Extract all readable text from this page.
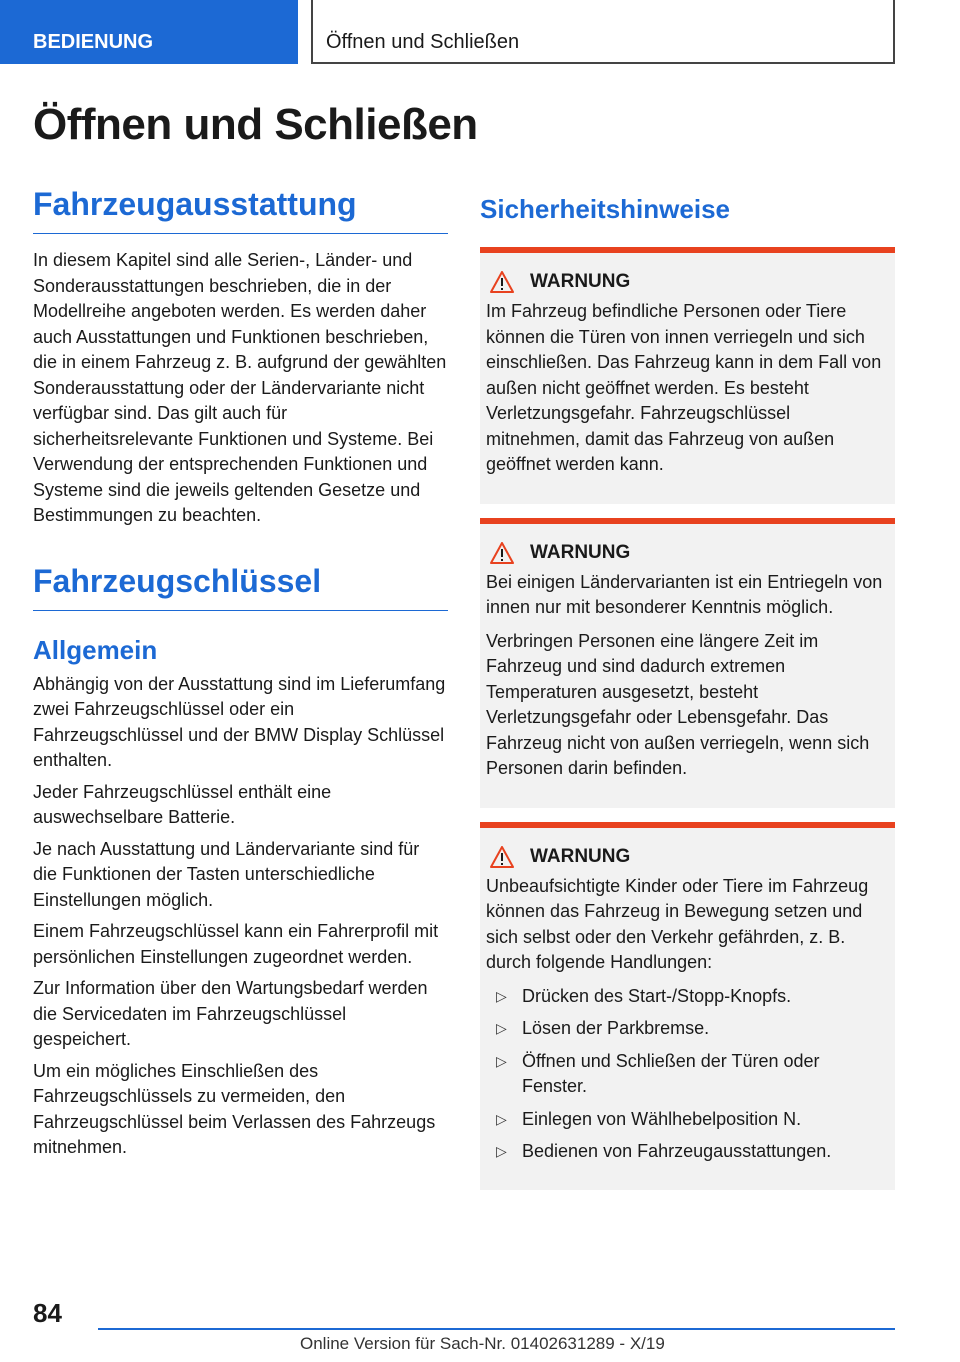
BEDIENUNG	Öffnen und Schließen
Öffnen und Schließen
Fahrzeugausstattung

In diesem Kapitel sind alle Serien-, Länder- und Sonderausstattungen beschrieben, die in der Modellreihe angeboten werden. Es werden daher auch Ausstattungen und Funktionen beschrieben, die in einem Fahrzeug z. B. aufgrund der gewählten Sonderausstattung oder der Ländervariante nicht verfügbar sind. Das gilt auch für sicherheitsrelevante Funktionen und Systeme. Bei Verwendung der entsprechenden Funktionen und Systeme sind die jeweils geltenden Gesetze und Bestimmungen zu beachten.

Fahrzeugschlüssel
Allgemein

Abhängig von der Ausstattung sind im Lieferumfang zwei Fahrzeugschlüssel oder ein Fahrzeugschlüssel und der BMW Display Schlüssel enthalten.

Jeder Fahrzeugschlüssel enthält eine auswechselbare Batterie.

Je nach Ausstattung und Ländervariante sind für die Funktionen der Tasten unterschiedliche Einstellungen möglich.

Einem Fahrzeugschlüssel kann ein Fahrerprofil mit persönlichen Einstellungen zugeordnet werden.

Zur Information über den Wartungsbedarf werden die Servicedaten im Fahrzeugschlüssel gespeichert.

Um ein mögliches Einschließen des Fahrzeugschlüssels zu vermeiden, den Fahrzeugschlüssel beim Verlassen des Fahrzeugs mitnehmen.

Sicherheitshinweise
WARNUNG

Im Fahrzeug befindliche Personen oder Tiere können die Türen von innen verriegeln und sich einschließen. Das Fahrzeug kann in dem Fall von außen nicht geöffnet werden. Es besteht Verletzungsgefahr. Fahrzeugschlüssel mitnehmen, damit das Fahrzeug von außen geöffnet werden kann.

WARNUNG

Bei einigen Ländervarianten ist ein Entriegeln von innen nur mit besonderer Kenntnis möglich.

Verbringen Personen eine längere Zeit im Fahrzeug und sind dadurch extremen Temperaturen ausgesetzt, besteht Verletzungsgefahr oder Lebensgefahr. Das Fahrzeug nicht von außen verriegeln, wenn sich Personen darin befinden.

WARNUNG

Unbeaufsichtigte Kinder oder Tiere im Fahrzeug können das Fahrzeug in Bewegung setzen und sich selbst oder den Verkehr gefährden, z. B. durch folgende Handlungen:

▷ Drücken des Start-/Stopp-Knopfs.
▷ Lösen der Parkbremse.
▷ Öffnen und Schließen der Türen oder Fenster.
▷ Einlegen von Wählhebelposition N.
▷ Bedienen von Fahrzeugausstattungen.
84
Online Version für Sach-Nr. 01402631289 - X/19
